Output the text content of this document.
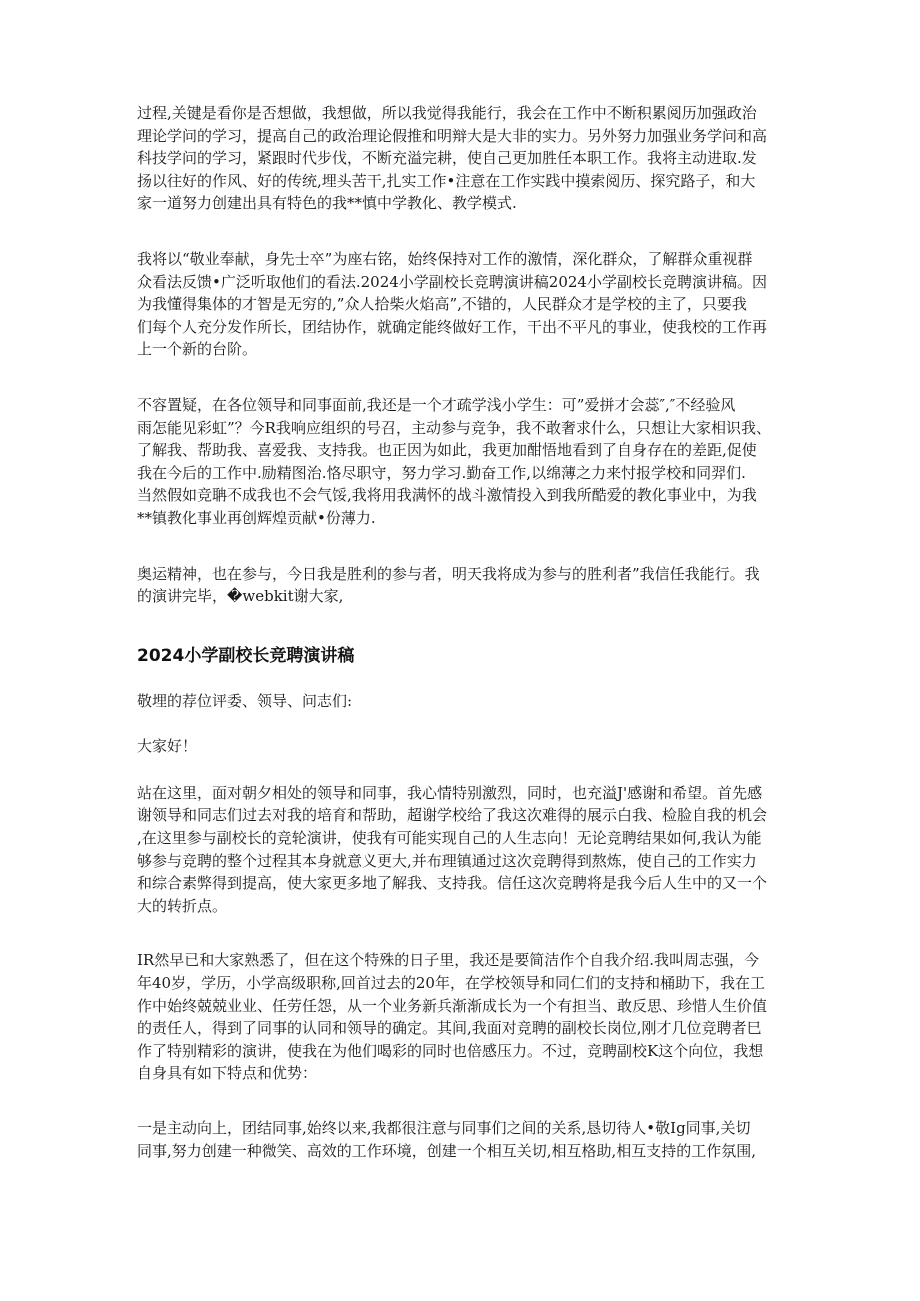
过程,关键是看你是否想做，我想做，所以我觉得我能行，我会在工作中不断积累阅历加强政治
理论学问的学习，提高自己的政治理论假推和明辩大是大非的实力。另外努力加强业务学问和高
科技学问的学习，紧跟时代步伐，不断充溢完耕，使自己更加胜任本职工作。我将主动进取.发
扬以往好的作风、好的传统,埋头苦干,扎实工作•注意在工作实践中摸索阅历、探究路子，和大
家一道努力创建出具有特色的我**慎中学教化、教学模式.

我将以“敬业奉献，身先士卒”为座右铭，始终保持对工作的激情，深化群众，了解群众重视群
众看法反馈•广泛听取他们的看法.2024小学副校长竞聘演讲稿2024小学副校长竞聘演讲稿。因
为我懂得集体的才智是无穷的,”众人拾柴火焰高”,不错的，人民群众才是学校的主了，只要我
们每个人充分发作所长，团结协作，就确定能终做好工作，干出不平凡的事业，使我校的工作再
上一个新的台阶。

不容置疑，在各位领导和同事面前,我还是一个才疏学浅小学生：可”爱拼才会蕊″,″不经验风
雨怎能见彩虹”？今R我响应组织的号召，主动参与竞争，我不敢奢求什么，只想让大家相识我、
了解我、帮助我、喜爱我、支持我。也正因为如此，我更加酣悟地看到了自身存在的差距,促使
我在今后的工作中.励精图治.恪尽职守，努力学习.勤奋工作,以绵薄之力来忖报学校和同羿们.
当然假如竞聃不成我也不会气馁,我将用我满怀的战斗激情投入到我所酷爱的教化事业中，为我
**镇教化事业再创辉煌贡献•份薄力.

奥运精神，也在参与，今日我是胜利的参与者，明天我将成为参与的胜利者”我信任我能行。我
的演讲完毕，�webkit谢大家,

2024小学副校长竞聘演讲稿

敬埋的荐位评委、领导、问志们:

大家好！

站在这里，面对朝夕相处的领导和同事，我心情特别激烈，同时，也充溢J'感谢和希望。首先感
谢领导和同志们过去对我的培育和帮助，超谢学校给了我这次难得的展示白我、检脸自我的机会
,在这里参与副校长的竞轮演讲，使我有可能实现自己的人生志向！无论竞聘结果如何,我认为能
够参与竞聘的整个过程其本身就意义更大,并布理镇通过这次竞聘得到熬炼，使自己的工作实力
和综合素弊得到提高，使大家更多地了解我、支持我。信任这次竞聘将是我今后人生中的又一个
大的转折点。

IR然早已和大家熟悉了，但在这个特殊的日子里，我还是要简洁作个自我介绍.我叫周志强，今
年40岁，学历，小学高级职称,回首过去的20年，在学校领导和同仁们的支持和桶助下，我在工
作中始终兢兢业业、任劳任怨，从一个业务新兵渐渐成长为一个有担当、敢反思、珍惜人生价值
的责任人，得到了同事的认同和领导的确定。其间,我面对竞聘的副校长岗位,刚才几位竞聘者巳
作了特别精彩的演讲，使我在为他们喝彩的同时也倍感压力。不过，竞聘副校K这个向位，我想
自身具有如下特点和优势：

一是主动向上，团结同事,始终以来,我都很注意与同事们之间的关系,恳切待人•敬Ig同事,关切
同事,努力创建一种微笑、高效的工作环境，创建一个相互关切,相互格助,相互支持的工作氛围,
